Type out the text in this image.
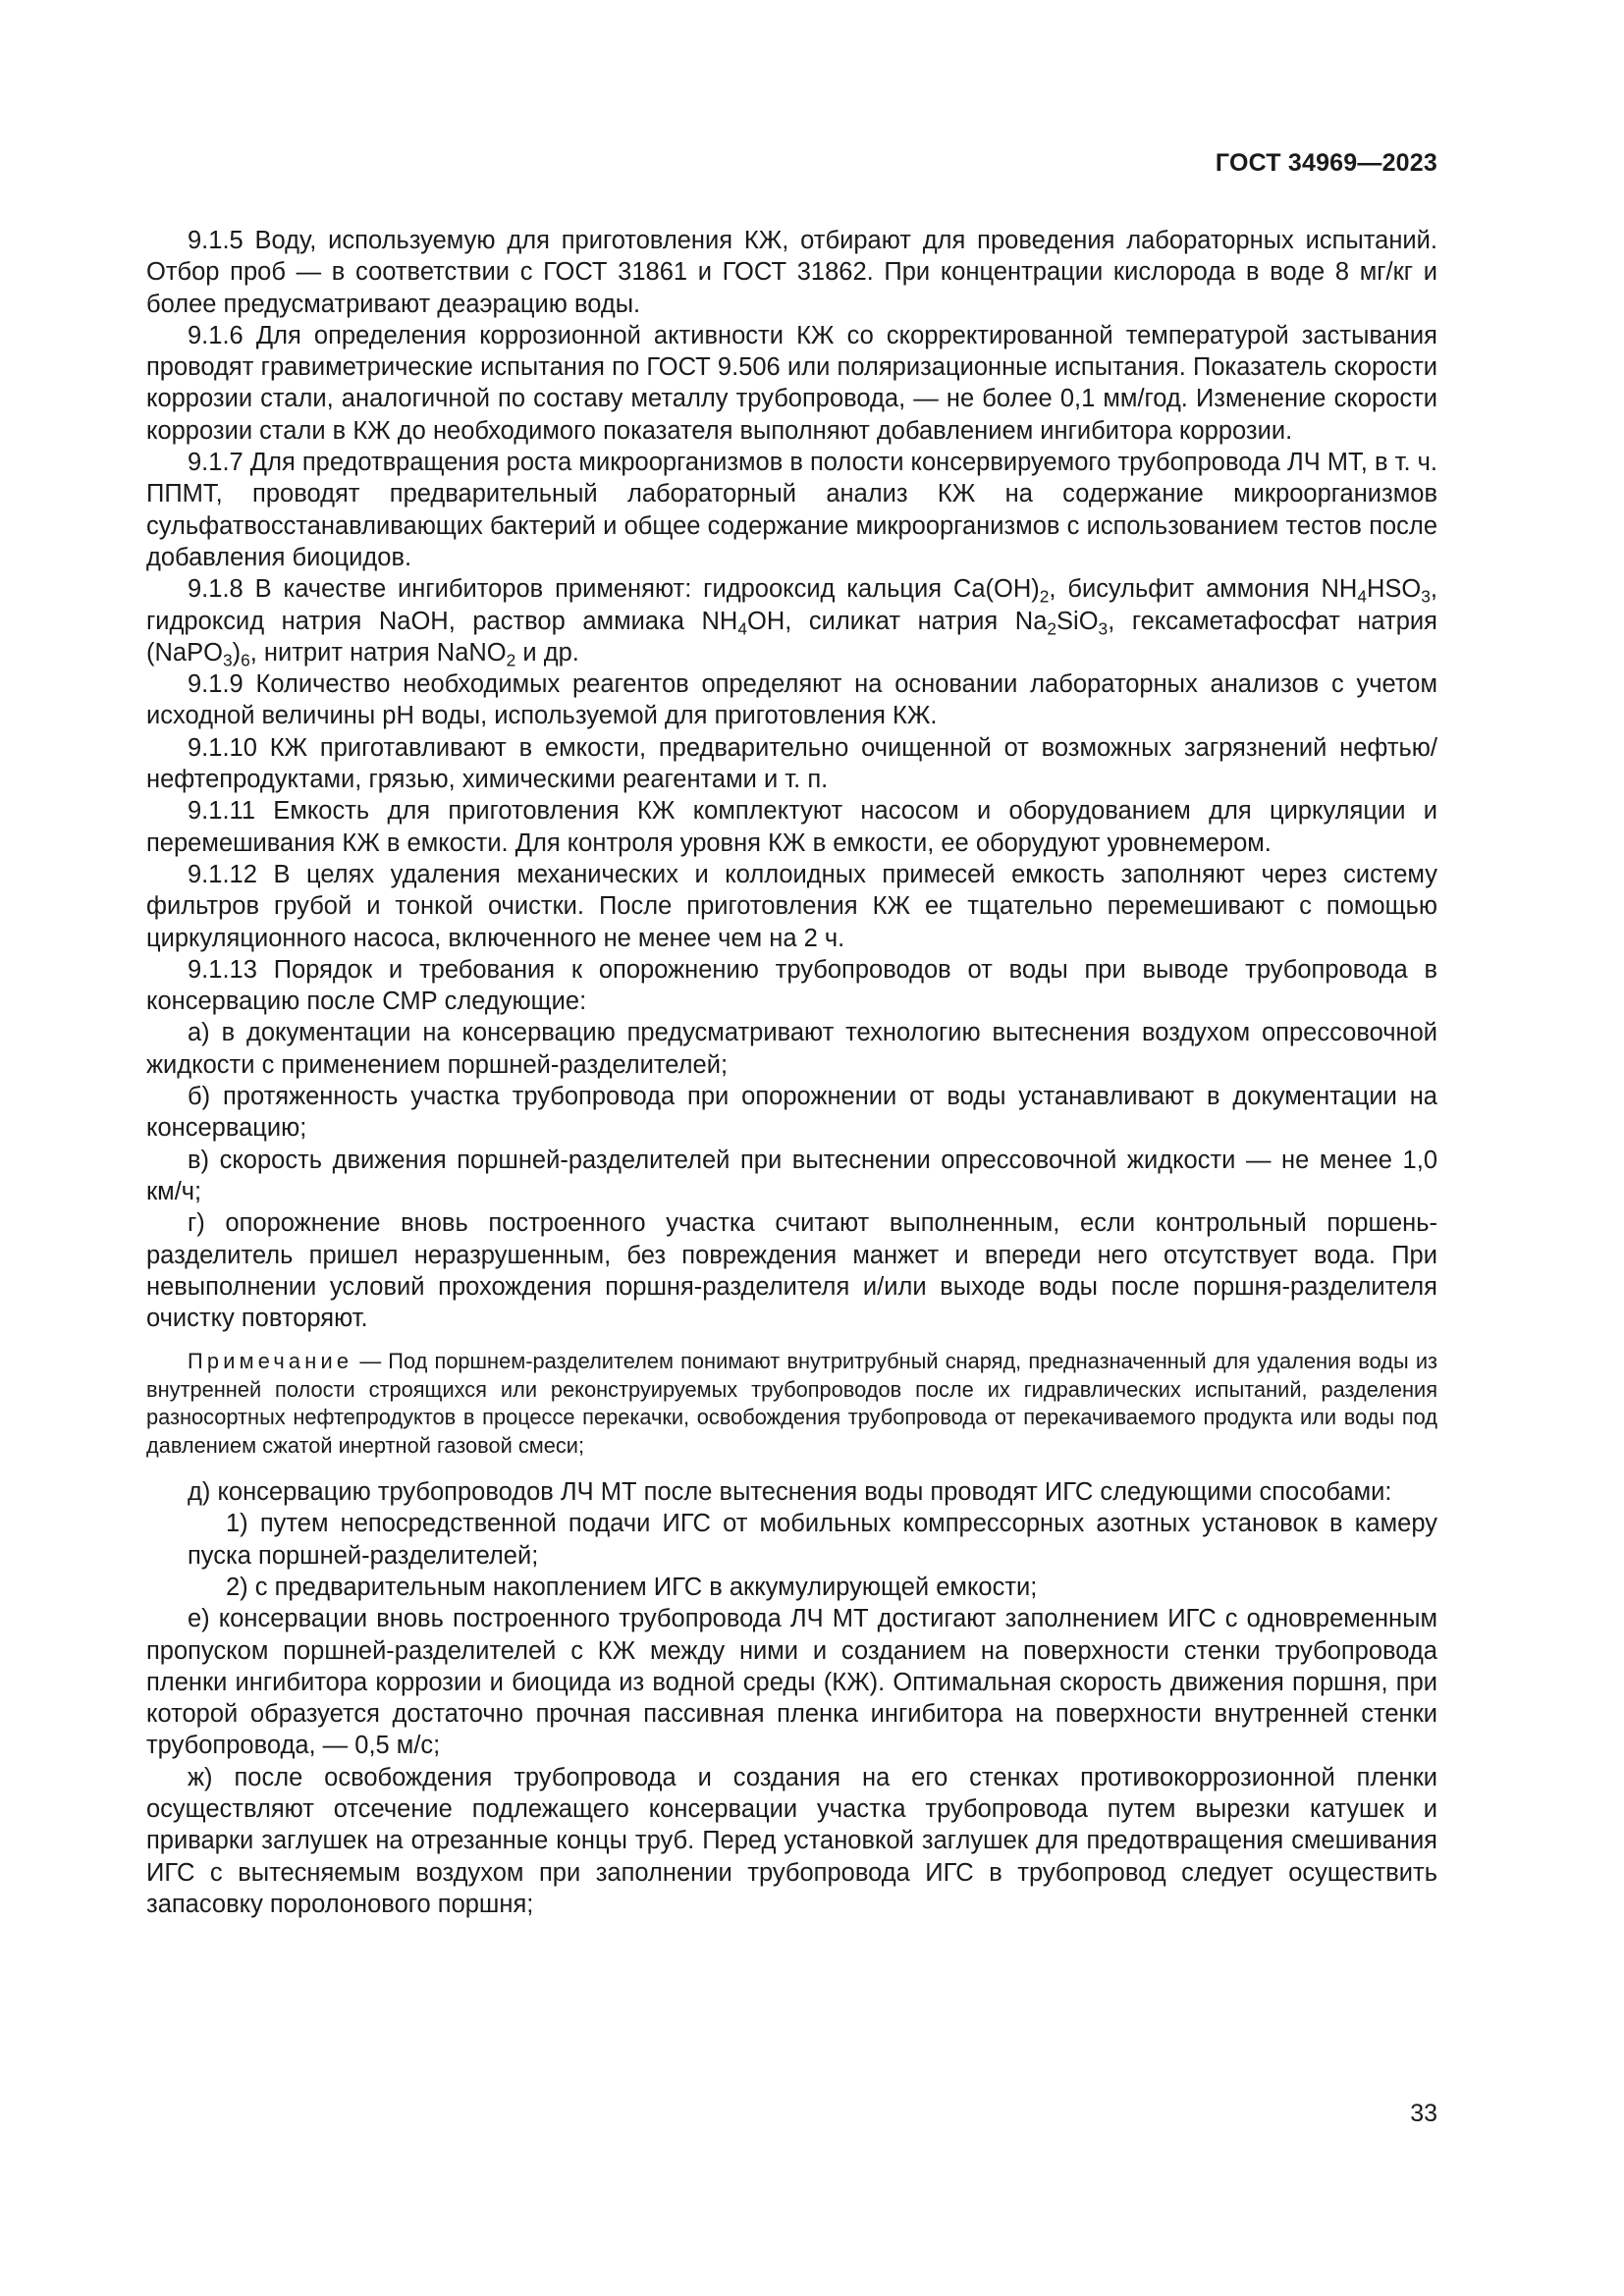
ГОСТ 34969—2023

9.1.5 Воду, используемую для приготовления КЖ, отбирают для проведения лабораторных испытаний. Отбор проб — в соответствии с ГОСТ 31861 и ГОСТ 31862. При концентрации кислорода в воде 8 мг/кг и более предусматривают деаэрацию воды.

9.1.6 Для определения коррозионной активности КЖ со скорректированной температурой застывания проводят гравиметрические испытания по ГОСТ 9.506 или поляризационные испытания. Показатель скорости коррозии стали, аналогичной по составу металлу трубопровода, — не более 0,1 мм/год. Изменение скорости коррозии стали в КЖ до необходимого показателя выполняют добавлением ингибитора коррозии.

9.1.7 Для предотвращения роста микроорганизмов в полости консервируемого трубопровода ЛЧ МТ, в т. ч. ППМТ, проводят предварительный лабораторный анализ КЖ на содержание микроорганизмов сульфатвосстанавливающих бактерий и общее содержание микроорганизмов с использованием тестов после добавления биоцидов.

9.1.8 В качестве ингибиторов применяют: гидрооксид кальция $Ca(OH)_2$, бисульфит аммония $NH_4HSO_3$, гидроксид натрия NaOH, раствор аммиака $NH_4OH$, силикат натрия $Na_2SiO_3$, гексаметафосфат натрия $(NaPO_3)_6$, нитрит натрия NaNO$_2$ и др.

9.1.9 Количество необходимых реагентов определяют на основании лабораторных анализов с учетом исходной величины pH воды, используемой для приготовления КЖ.

9.1.10 КЖ приготавливают в емкости, предварительно очищенной от возможных загрязнений нефтью/нефтепродуктами, грязью, химическими реагентами и т. п.

9.1.11 Емкость для приготовления КЖ комплектуют насосом и оборудованием для циркуляции и перемешивания КЖ в емкости. Для контроля уровня КЖ в емкости, ее оборудуют уровнемером.

9.1.12 В целях удаления механических и коллоидных примесей емкость заполняют через систему фильтров грубой и тонкой очистки. После приготовления КЖ ее тщательно перемешивают с помощью циркуляционного насоса, включенного не менее чем на 2 ч.

9.1.13 Порядок и требования к опорожнению трубопроводов от воды при выводе трубопровода в консервацию после СМР следующие:

а) в документации на консервацию предусматривают технологию вытеснения воздухом опрессовочной жидкости с применением поршней-разделителей;

б) протяженность участка трубопровода при опорожнении от воды устанавливают в документации на консервацию;

в) скорость движения поршней-разделителей при вытеснении опрессовочной жидкости — не менее 1,0 км/ч;

г) опорожнение вновь построенного участка считают выполненным, если контрольный поршень-разделитель пришел неразрушенным, без повреждения манжет и впереди него отсутствует вода. При невыполнении условий прохождения поршня-разделителя и/или выходе воды после поршня-разделителя очистку повторяют.

Примечание — Под поршнем-разделителем понимают внутритрубный снаряд, предназначенный для удаления воды из внутренней полости строящихся или реконструируемых трубопроводов после их гидравлических испытаний, разделения разносортных нефтепродуктов в процессе перекачки, освобождения трубопровода от перекачиваемого продукта или воды под давлением сжатой инертной газовой смеси;

д) консервацию трубопроводов ЛЧ МТ после вытеснения воды проводят ИГС следующими способами:

1) путем непосредственной подачи ИГС от мобильных компрессорных азотных установок в камеру пуска поршней-разделителей;

2) с предварительным накоплением ИГС в аккумулирующей емкости;

е) консервации вновь построенного трубопровода ЛЧ МТ достигают заполнением ИГС с одновременным пропуском поршней-разделителей с КЖ между ними и созданием на поверхности стенки трубопровода пленки ингибитора коррозии и биоцида из водной среды (КЖ). Оптимальная скорость движения поршня, при которой образуется достаточно прочная пассивная пленка ингибитора на поверхности внутренней стенки трубопровода, — 0,5 м/с;

ж) после освобождения трубопровода и создания на его стенках противокоррозионной пленки осуществляют отсечение подлежащего консервации участка трубопровода путем вырезки катушек и приварки заглушек на отрезанные концы труб. Перед установкой заглушек для предотвращения смешивания ИГС с вытесняемым воздухом при заполнении трубопровода ИГС в трубопровод следует осуществить запасовку поролонового поршня;

33
